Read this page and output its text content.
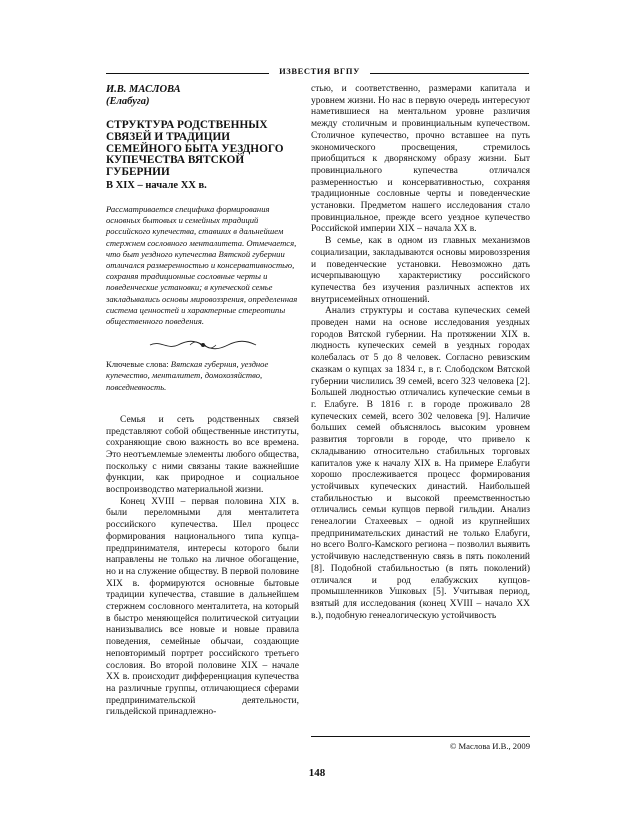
ИЗВЕСТИЯ ВГПУ
И.В. МАСЛОВА
(Елабуга)
СТРУКТУРА РОДСТВЕННЫХ СВЯЗЕЙ И ТРАДИЦИИ СЕМЕЙНОГО БЫТА УЕЗДНОГО КУПЕЧЕСТВА ВЯТСКОЙ ГУБЕРНИИ
В XIX – начале XX в.
Рассматривается специфика формирования основных бытовых и семейных традиций российского купечества, ставших в дальнейшем стержнем сословного менталитета. Отмечается, что быт уездного купечества Вятской губернии отличался размеренностью и консервативностью, сохраняя традиционные сословные черты и поведенческие установки; в купеческой семье закладывались основы мировоззрения, определенная система ценностей и характерные стереотипы общественного поведения.
Ключевые слова: Вятская губерния, уездное купечество, менталитет, домохозяйство, повседневность.

Семья и сеть родственных связей представляют собой общественные институты, сохраняющие свою важность во все времена. Это неотъемлемые элементы любого общества, поскольку с ними связаны такие важнейшие функции, как природное и социальное воспроизводство материальной жизни.

Конец XVIII – первая половина XIX в. были переломными для менталитета российского купечества. Шел процесс формирования национального типа купца-предпринимателя, интересы которого были направлены не только на личное обогащение, но и на служение обществу. В первой половине XIX в. формируются основные бытовые традиции купечества, ставшие в дальнейшем стержнем сословного менталитета, на который в быстро меняющейся политической ситуации нанизывались все новые и новые правила поведения, семейные обычаи, создающие неповторимый портрет российского третьего сословия. Во второй половине XIX – начале XX в. происходит дифференциация купечества на различные группы, отличающиеся сферами предпринимательской деятельности, гильдейской принадлежно-

стью, и соответственно, размерами капитала и уровнем жизни. Но нас в первую очередь интересуют наметившиеся на ментальном уровне различия между столичным и провинциальным купечеством. Столичное купечество, прочно вставшее на путь экономического просвещения, стремилось приобщиться к дворянскому образу жизни. Быт провинциального купечества отличался размеренностью и консервативностью, сохраняя традиционные сословные черты и поведенческие установки. Предметом нашего исследования стало провинциальное, прежде всего уездное купечество Российской империи XIX – начала XX в.

В семье, как в одном из главных механизмов социализации, закладываются основы мировоззрения и поведенческие установки. Невозможно дать исчерпывающую характеристику российского купечества без изучения различных аспектов их внутрисемейных отношений.

Анализ структуры и состава купеческих семей проведен нами на основе исследования уездных городов Вятской губернии. На протяжении XIX в. людность купеческих семей в уездных городах колебалась от 5 до 8 человек. Согласно ревизским сказкам о купцах за 1834 г., в г. Слободском Вятской губернии числились 39 семей, всего 323 человека [2]. Большей людностью отличались купеческие семьи в г. Елабуге. В 1816 г. в городе проживало 28 купеческих семей, всего 302 человека [9]. Наличие больших семей объяснялось высоким уровнем развития торговли в городе, что привело к складыванию относительно стабильных торговых капиталов уже к началу XIX в. На примере Елабуги хорошо прослеживается процесс формирования устойчивых купеческих династий. Наибольшей стабильностью и высокой преемственностью отличались семьи купцов первой гильдии. Анализ генеалогии Стахеевых – одной из крупнейших предпринимательских династий не только Елабуги, но всего Волго-Камского региона – позволил выявить устойчивую наследственную связь в пять поколений [8]. Подобной стабильностью (в пять поколений) отличался и род елабужских купцов-промышленников Ушковых [5]. Учитывая период, взятый для исследования (конец XVIII – начало XX в.), подобную генеалогическую устойчивость

© Маслова И.В., 2009
148
